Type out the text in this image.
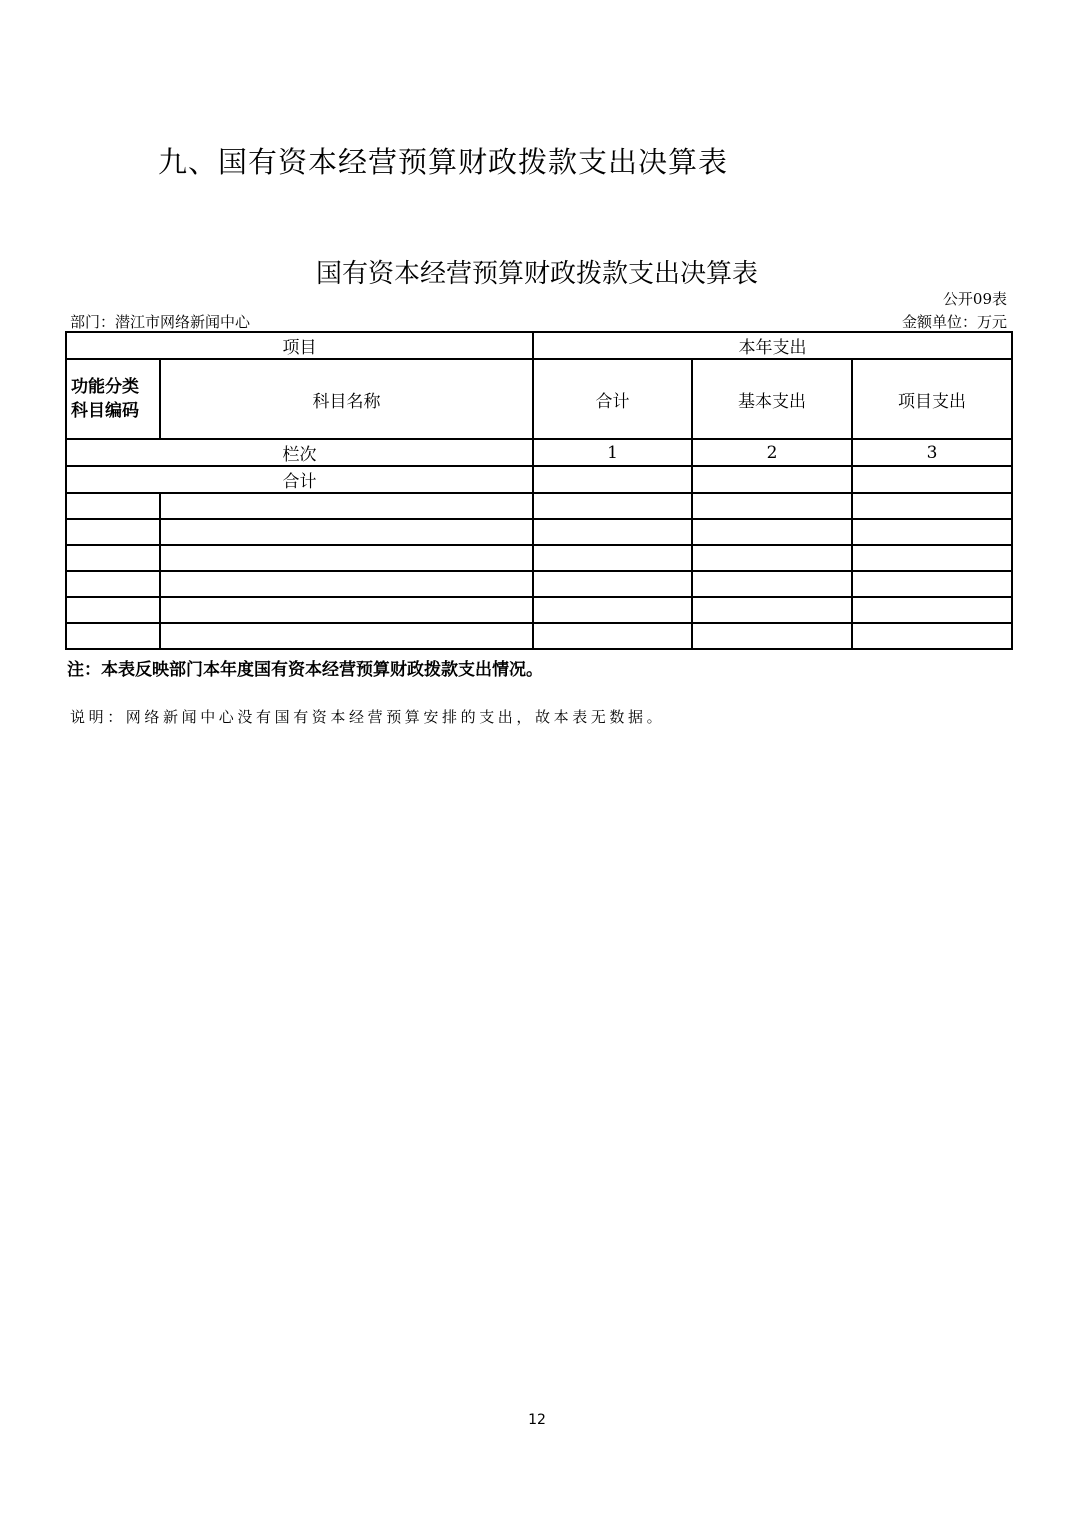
九、国有资本经营预算财政拨款支出决算表
国有资本经营预算财政拨款支出决算表
公开09表
部门：潜江市网络新闻中心	金额单位：万元
项目		本年支出		
功能分类
科目编码	科目名称	合计	基本支出	项目支出
栏次		1	2	3
合计				

注：本表反映部门本年度国有资本经营预算财政拨款支出情况。
说明：网络新闻中心没有国有资本经营预算安排的支出，故本表无数据。
12
